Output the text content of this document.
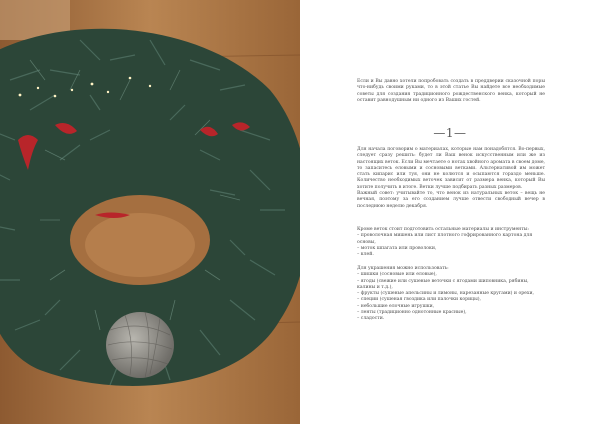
Если и Вы давно хотели попробовать создать в преддверии сказочной поры что-нибудь своими руками, то в этой статье Вы найдете все необходимые советы для создания традиционного рождественского венка, который не оставит равнодушным ни одного из Ваших гостей.

—1—

Для начала поговорим о материалах, которые нам понадобятся. Во-первых, следует сразу решить: будет ли Ваш венок искусственным или же из настоящих веток. Если Вы мечтаете о нотах хвойного аромата в своем доме, то запаситесь еловыми и сосновыми ветками. Альтернативой им может стать кипарис или туя, они не колются и осыпаются гораздо меньше. Количество необходимых веточек зависит от размера венка, который Вы хотите получить в итоге. Ветки лучше подбирать разных размеров.

Важный совет: учитывайте то, что венок из натуральных веток – вещь не вечная, поэтому за его созданием лучше отвести свободный вечер в последнюю неделю декабря.

Кроме веток стоит подготовить остальные материалы и инструменты:

– проволочная мишень или лист плотного гофрированного картона для основы,
– моток шпагата или проволоки,
– клей.

Для украшения можно использовать:

– шишки (сосновые или еловые),
– ягоды (свежие или сушеные веточки с ягодами шиповника, рябины, калины и т.д.),
– фрукты (сушеные апельсины и лимоны, нарезанные кругами) и орехи,
– специи (сушеная гвоздика или палочки корицы),
– небольшие елочные игрушки,
– ленты (традиционно однотонные красные),
– сладости.
